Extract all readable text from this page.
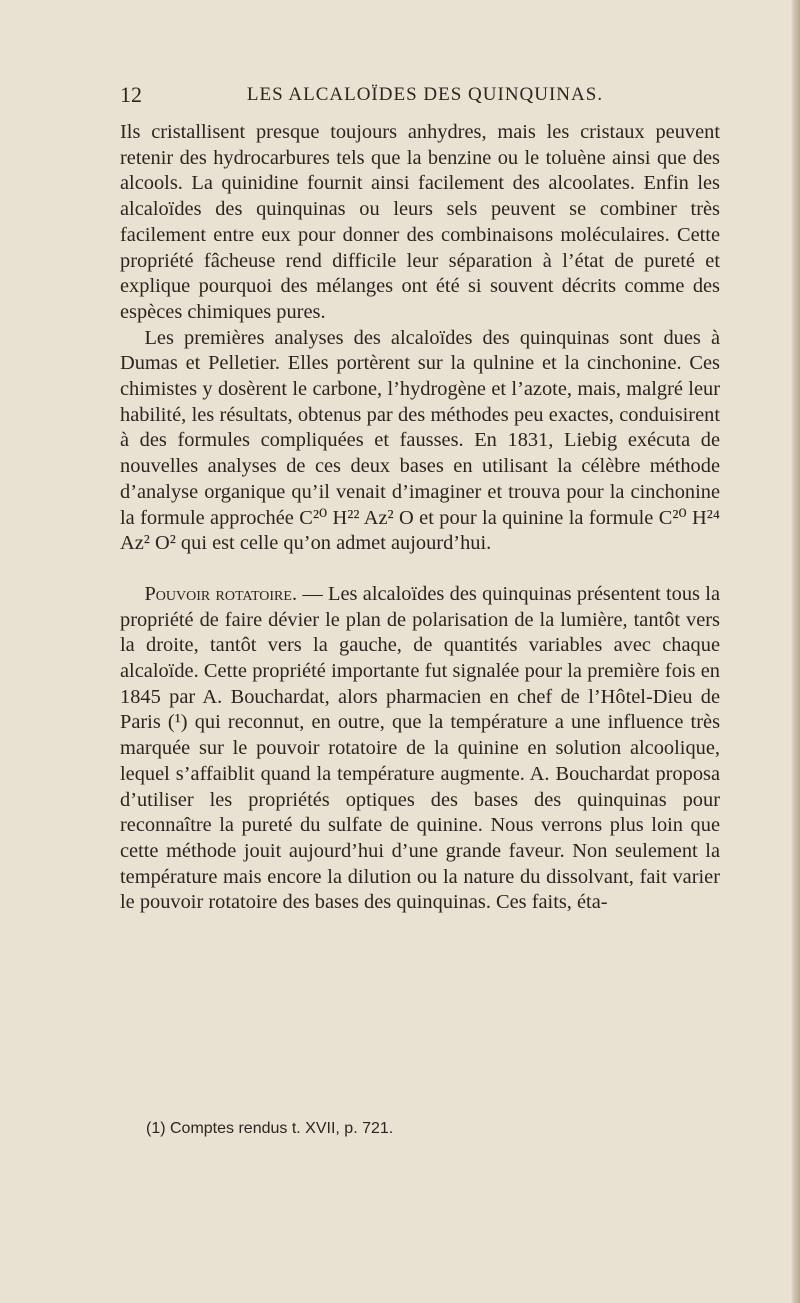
12	LES ALCALOÏDES DES QUINQUINAS.

Ils cristallisent presque toujours anhydres, mais les cristaux peuvent retenir des hydrocarbures tels que la benzine ou le toluène ainsi que des alcools. La quinidine fournit ainsi facilement des alcoolates. Enfin les alcaloïdes des quinquinas ou leurs sels peuvent se combiner très facilement entre eux pour donner des combinaisons moléculaires. Cette propriété fâcheuse rend difficile leur séparation à l’état de pureté et explique pourquoi des mélanges ont été si souvent décrits comme des espèces chimiques pures.

Les premières analyses des alcaloïdes des quinquinas sont dues à Dumas et Pelletier. Elles portèrent sur la qulnine et la cinchonine. Ces chimistes y dosèrent le carbone, l’hydrogène et l’azote, mais, malgré leur habilité, les résultats, obtenus par des méthodes peu exactes, conduisirent à des formules compliquées et fausses. En 1831, Liebig exécuta de nouvelles analyses de ces deux bases en utilisant la célèbre méthode d’analyse organique qu’il venait d’imaginer et trouva pour la cinchonine la formule approchée C²⁰ H²² Az² O et pour la quinine la formule C²⁰ H²⁴ Az² O² qui est celle qu’on admet aujourd’hui.

Pouvoir rotatoire. — Les alcaloïdes des quinquinas présentent tous la propriété de faire dévier le plan de polarisation de la lumière, tantôt vers la droite, tantôt vers la gauche, de quantités variables avec chaque alcaloïde. Cette propriété importante fut signalée pour la première fois en 1845 par A. Bouchardat, alors pharmacien en chef de l’Hôtel-Dieu de Paris (¹) qui reconnut, en outre, que la température a une influence très marquée sur le pouvoir rotatoire de la quinine en solution alcoolique, lequel s’affaiblit quand la température augmente. A. Bouchardat proposa d’utiliser les propriétés optiques des bases des quinquinas pour reconnaître la pureté du sulfate de quinine. Nous verrons plus loin que cette méthode jouit aujourd’hui d’une grande faveur. Non seulement la température mais encore la dilution ou la nature du dissolvant, fait varier le pouvoir rotatoire des bases des quinquinas. Ces faits, éta-

(1) Comptes rendus t. XVII, p. 721.
